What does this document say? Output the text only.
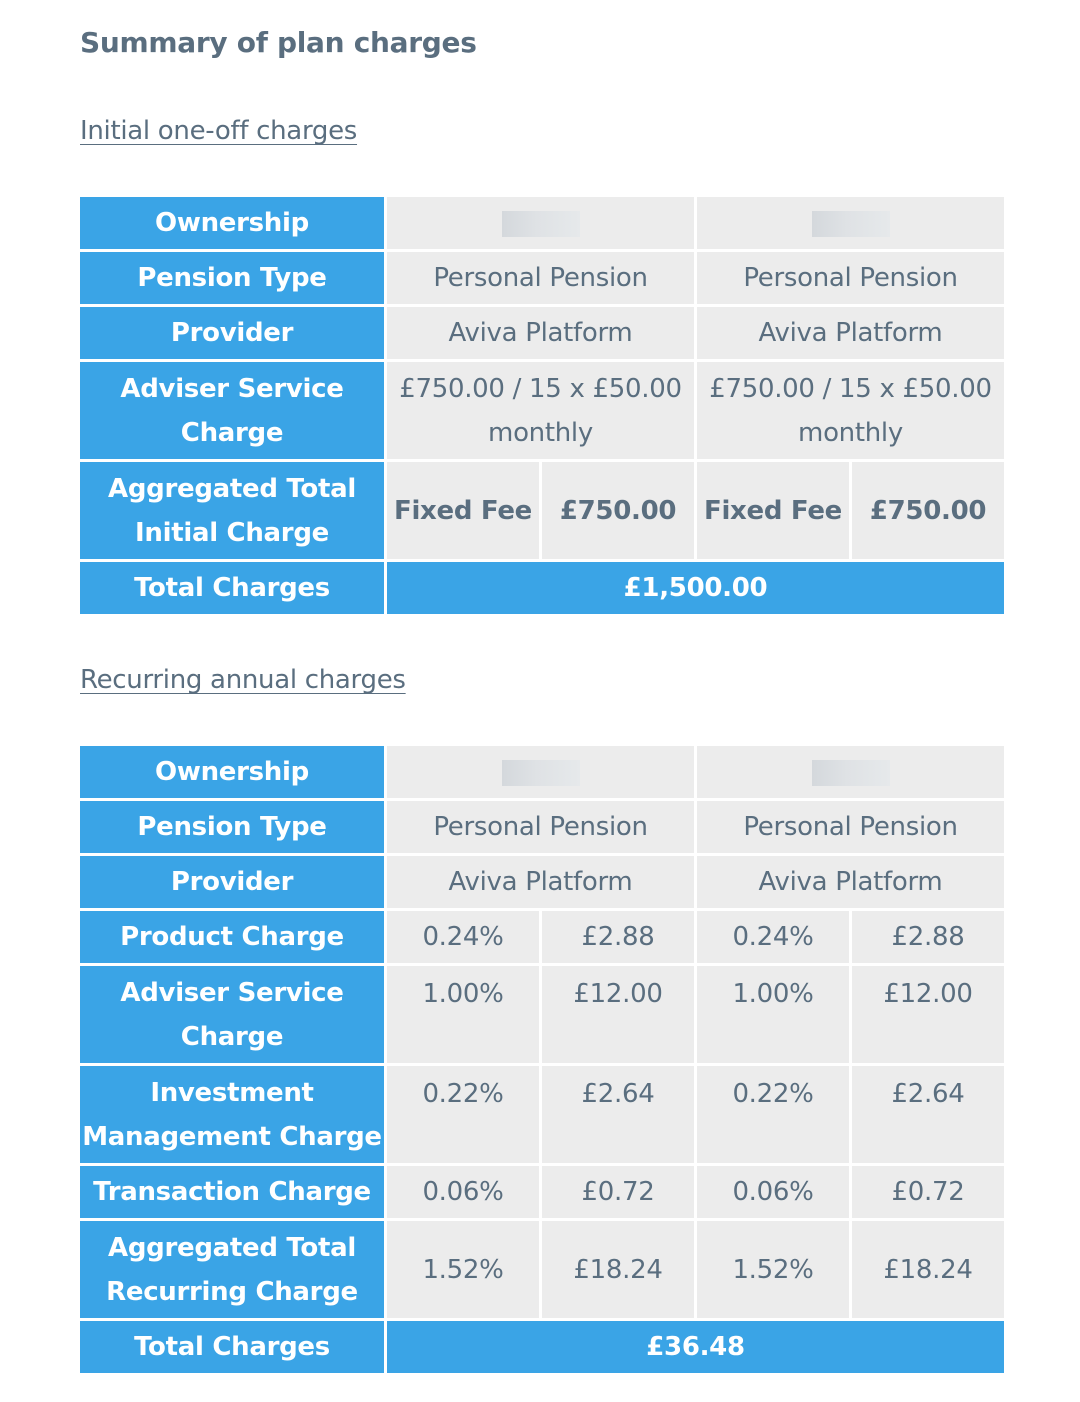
Summary of plan charges
Initial one-off charges
Ownership				
Pension Type	Personal Pension		Personal Pension	
Provider	Aviva Platform		Aviva Platform	
Adviser Service Charge	£750.00 / 15 x £50.00 monthly		£750.00 / 15 x £50.00 monthly	
Aggregated Total Initial Charge	Fixed Fee	£750.00	Fixed Fee	£750.00
Total Charges	£1,500.00			
Recurring annual charges
Ownership				
Pension Type	Personal Pension		Personal Pension	
Provider	Aviva Platform		Aviva Platform	
Product Charge	0.24%	£2.88	0.24%	£2.88
Adviser Service Charge	1.00%	£12.00	1.00%	£12.00
Investment Management Charge	0.22%	£2.64	0.22%	£2.64
Transaction Charge	0.06%	£0.72	0.06%	£0.72
Aggregated Total Recurring Charge	1.52%	£18.24	1.52%	£18.24
Total Charges	£36.48			
